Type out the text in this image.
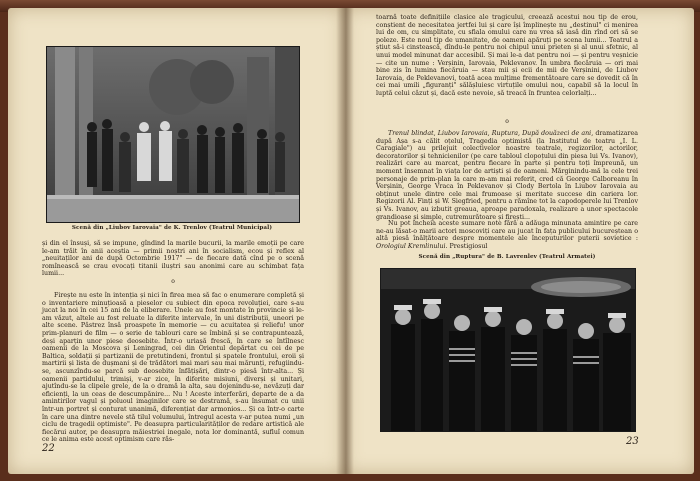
Scenă din „Liubov Iarovaia" de K. Trenlov (Teatrul Municipal)

și din el însuși, să se impune, gîndind la marile bucurii, la marile emoții pe care le-am trăit în anii aceștia — primii noștri ani în socialism, ecou și reflex al „neuitaților ani de după Octombrie 1917" — de fiecare dată cînd pe o scenă romînească se crau evocați titanii iluștri sau anonimi care au schimbat fața lumii...

o

Firește nu este în intenția și nici în firea mea să fac o enumerare completă și o inventariere minuțioasă a pieselor cu subiect din epoca revoluției, care s-au jucat la noi în cei 15 ani de la eliberare. Unele au fost montate în provincie și le-am văzut, altele au fost reluate la diferite intervale, în uni distribuții, uneori pe alte scene. Păstrez însă proaspete în memorie — cu acuitatea și reliefu! unor prim-planuri de film — o serie de tablouri care se îmbină și se contrapuntează, deși aparțin unor piese deosebite. Într-o uriașă frescă, în care se întîlnesc oamenii de la Moscova și Leningrad, cei din Orientul depărtat cu cei de pe Baltica, soldații și partizanii de pretutindeni, frontul și spatele frontului, eroii și martirii și lista de dușmani și de trădători mai mari sau mai mărunți, refugiindu-se, ascunzîndu-se parcă sub deosebite înfățișări, dintr-o piesă într-alta... Și oamenii partidului, trimiși, v-ar zice, în diferite misiuni, diverși și unitari, ajutîndu-se la clipele grele, de la o dramă la alta, sau dojenindu-se, nevăzuți dar eficienți, la un ceas de descumpănire... Nu ! Aceste interferări, departe de a da amintirilor vagul și poluoul imaginilor care se destramă, s-au însumat cu unii într-un portret și conturat unanimă, diferențiat dar armonios... Și ca într-o carte în care una dintre nevele stă tilul volumului, întregul acesta v-ar putea numi „un ciclu de tragedii optimiste". Pe deasupra particularităților de redare artistică ale fiecărui autor, pe deasupra măiestriei inegale, nota lor dominantă, sufluî comun ce le anima este acest optimism care răs-

22

toarnă toate definițiile clasice ale tragicului, creează acestui nou tip de erou, conștient de necesitatea jertfei lui și care își împlinește nu „destinul" ci menirea lui de om, cu simplitate, cu sfiala omului care nu vrea să iasă din rînd ori să se poleze. Este noul tip de umanitate, de oameni apăruți pe scena lumii... Teatrul a știut să-i cinstească, dîndu-le pentru noi chipul unui prieten și al unui sfetnic, al unui model minunat dar accesibil. Și mai le-a dat pentru noi — și pentru veșnicie — cite un nume : Verșinin, Iarovaia, Peklevanov. În umbra fiecăruia — ori mai bine zis în lumina fiecăruia — stau mii și ecii de mii de Verșinini, de Liubov Iarovaia, de Peklevanovi, toată acea mulțime frementătoare care se dovedit că în cei mai umili „figuranți" sălășluiesc virtuțile omului nou, capabil să la locul în luptă celui căzut și, dacă este nevoie, să treacă în fruntea celorlalți...

o

Trenul blindat, Liubov Iarovaia, Ruptura, După douăzeci de ani, dramatizarea după Așa s-a călit oțelul, Tragedia optimistă (la Institutul de teatru „I. L. Caragiale") au prilejuit colectivelor noastre teatrale, regizorilor, actorilor, decoratorilor și tehnicienilor (pe care tabloul clopoțului din piesa lui Vs. Ivanov), realizări care au marcat, pentru fiecare în parte și pentru toți împreună, un moment însemnat în viața lor de artiști și de oameni. Mărginindu-mă la cele trei personaje de prim-plan la care m-am mai referit, cred că George Calboreanu în Verșinin, George Vraca în Peklevanov și Clody Bertola în Liubov Iarovaia au obținut unele dintre cele mai frumoase și meritate succese din cariera lor. Regizorii Al. Finți și W. Siegfried, pentru a rămîne tot la capodoperele lui Trenlov și Vs. Ivanov, au izbutit greaua, aproape paradoxala, realizare a unor spectacole grandioase și simple, cutremurătoare și firești...

Nu pot încheia aceste sumare note fără a adăuga minunata amintire pe care ne-au lăsat-o marii actori moscoviți care au jucat în fața publicului bucureștean o altă piesă înălțătoare despre momentele ale începuturilor puterii sovietice : Orologiul Kremlinului. Prestigiosul

Scenă din „Ruptura" de B. Lavrenlev (Teatrul Armatei)
23
